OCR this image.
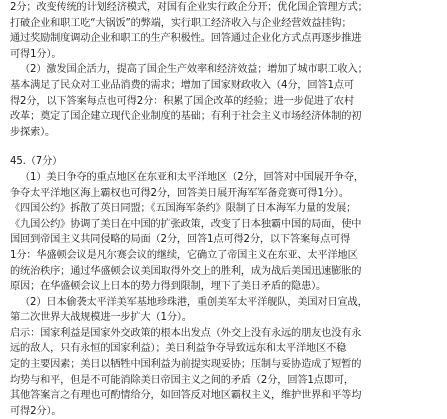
2分；改变传统的计划经济模式，对国有企业实行政企分开；优化国企管理方式；
打破企业和职工吃“大锅饭”的弊端，实行职工经济收入与企业经营效益挂钩；
通过奖励制度调动企业和职工的生产积极性。回答通过企业化方式点再逐步推进
可得1分）。
（2）激发国企活力，提高了国企生产效率和经济效益；增加了城市职工收入；
基本满足了民众对工业品消费的需求；增加了国家财政收入（4分，回答1点可
得2分，以下答案每点也可得2分：积累了国企改革的经验；进一步促进了农村
改革；奠定了国企建立现代企业制度的基础；有利于社会主义市场经济体制的初
步探索）。
45.（7分）
（1）美日争夺的重点地区在东亚和太平洋地区（2分，回答对中国展开争夺，
争夺太平洋地区海上霸权也可得2分，回答美日展开海军军备竞赛可得1分）。
《四国公约》拆散了英日同盟；《五国海军条约》限制了日本海军力量的发展；
《九国公约》协调了美日在中国的扩张政策，改变了日本独霸中国的局面，使中
国回到帝国主义共同侵略的局面（2分，回答1点可得2分，以下答案每点可得
1分：华盛顿会议是凡尔赛会议的继续，它确立了帝国主义在东亚、太平洋地区
的统治秩序；通过华盛顿会议美国取得外交上的胜利，成为战后美国迅速膨胀的
原因；在华盛顿会议上日本的势力得到限制，埋下了美日矛盾的隐患）。
（2）日本偷袭太平洋美军基地珍珠港，重创美军太平洋舰队，美国对日宣战，
第二次世界大战规模进一步扩大（1分）。
启示：国家利益是国家外交政策的根本出发点（外交上没有永远的朋友也没有永
远的敌人，只有永恒的国家利益）；美日利益争夺导致远东和太平洋地区不稳
定的主要因素；美日以牺牲中国利益为前提实现妥协；压制与妥协造成了短暂的
均势与和平，但是不可能消除美日帝国主义之间的矛盾（2分，回答1点即可，
其他答案言之有理也可酌情给分，如回答反对地区霸权主义，维护世界和平等均
可得2分）。
